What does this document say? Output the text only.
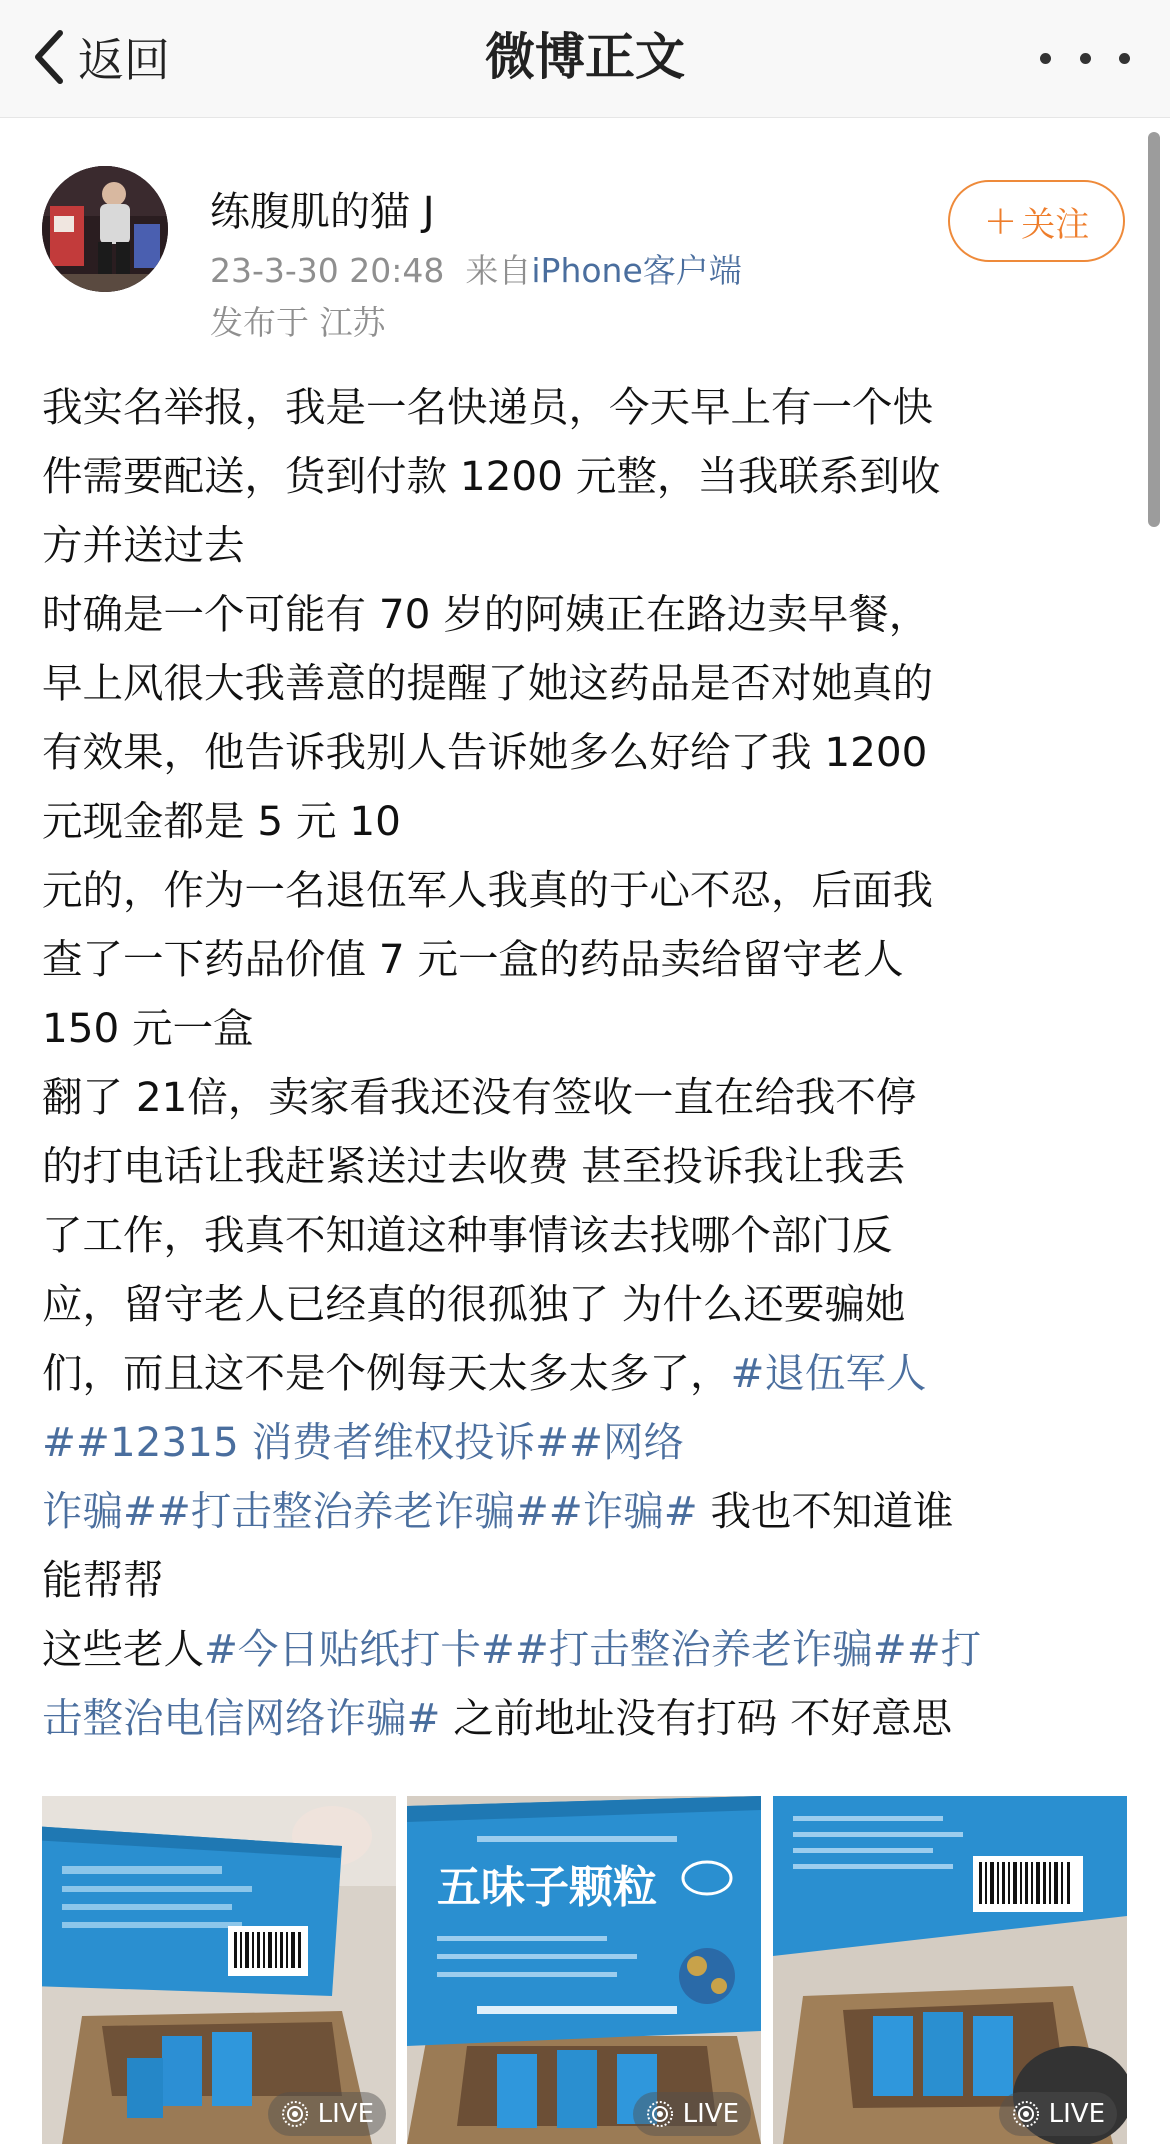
返回	微博正文
练腹肌的猫 J
23-3-30 20:48 来自iPhone客户端
发布于 江苏
+ 关注
我实名举报，我是一名快递员，今天早上有一个快
件需要配送，货到付款 1200 元整，当我联系到收
方并送过去
时确是一个可能有 70 岁的阿姨正在路边卖早餐，
早上风很大我善意的提醒了她这药品是否对她真的
有效果，他告诉我别人告诉她多么好给了我 1200
元现金都是 5 元 10
元的，作为一名退伍军人我真的于心不忍，后面我
查了一下药品价值 7 元一盒的药品卖给留守老人
150 元一盒
翻了 21倍，卖家看我还没有签收一直在给我不停
的打电话让我赶紧送过去收费 甚至投诉我让我丢
了工作，我真不知道这种事情该去找哪个部门反
应，留守老人已经真的很孤独了 为什么还要骗她
们，而且这不是个例每天太多太多了，#退伍军人
##12315 消费者维权投诉##网络
诈骗##打击整治养老诈骗##诈骗# 我也不知道谁
能帮帮
这些老人#今日贴纸打卡##打击整治养老诈骗##打
击整治电信网络诈骗# 之前地址没有打码 不好意思
LIVE
五味子颗粒
LIVE	LIVE
